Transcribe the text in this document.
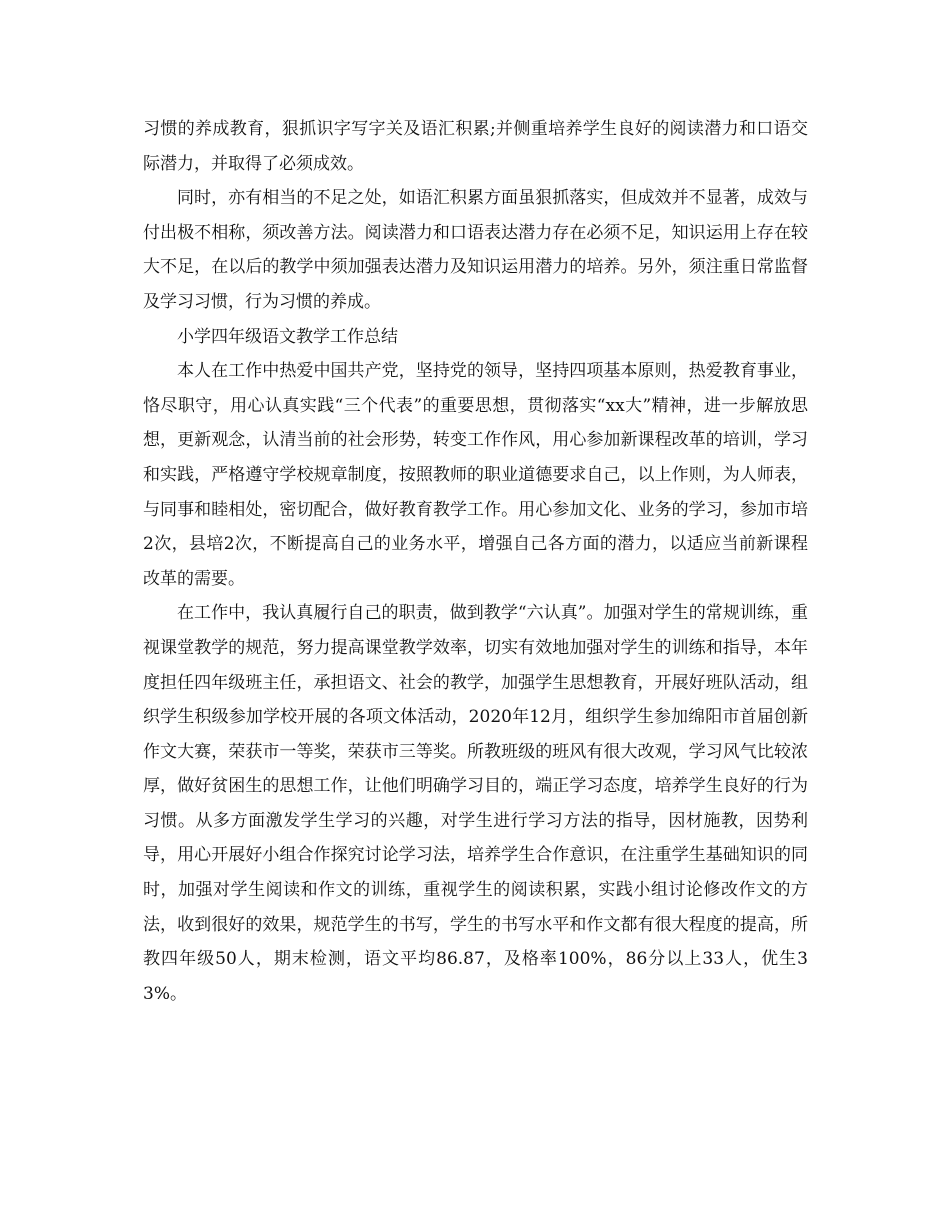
习惯的养成教育，狠抓识字写字关及语汇积累;并侧重培养学生良好的阅读潜力和口语交际潜力，并取得了必须成效。

同时，亦有相当的不足之处，如语汇积累方面虽狠抓落实，但成效并不显著，成效与付出极不相称，须改善方法。阅读潜力和口语表达潜力存在必须不足，知识运用上存在较大不足，在以后的教学中须加强表达潜力及知识运用潜力的培养。另外，须注重日常监督及学习习惯，行为习惯的养成。

小学四年级语文教学工作总结

本人在工作中热爱中国共产党，坚持党的领导，坚持四项基本原则，热爱教育事业，恪尽职守，用心认真实践“三个代表”的重要思想，贯彻落实“xx大”精神，进一步解放思想，更新观念，认清当前的社会形势，转变工作作风，用心参加新课程改革的培训，学习和实践，严格遵守学校规章制度，按照教师的职业道德要求自己，以上作则，为人师表，与同事和睦相处，密切配合，做好教育教学工作。用心参加文化、业务的学习，参加市培2次，县培2次，不断提高自己的业务水平，增强自己各方面的潜力，以适应当前新课程改革的需要。

在工作中，我认真履行自己的职责，做到教学“六认真”。加强对学生的常规训练，重视课堂教学的规范，努力提高课堂教学效率，切实有效地加强对学生的训练和指导，本年度担任四年级班主任，承担语文、社会的教学，加强学生思想教育，开展好班队活动，组织学生积级参加学校开展的各项文体活动，2020年12月，组织学生参加绵阳市首届创新作文大赛，荣获市一等奖，荣获市三等奖。所教班级的班风有很大改观，学习风气比较浓厚，做好贫困生的思想工作，让他们明确学习目的，端正学习态度，培养学生良好的行为习惯。从多方面激发学生学习的兴趣，对学生进行学习方法的指导，因材施教，因势利导，用心开展好小组合作探究讨论学习法，培养学生合作意识，在注重学生基础知识的同时，加强对学生阅读和作文的训练，重视学生的阅读积累，实践小组讨论修改作文的方法，收到很好的效果，规范学生的书写，学生的书写水平和作文都有很大程度的提高，所教四年级50人，期末检测，语文平均86.87，及格率100%，86分以上33人，优生33%。
